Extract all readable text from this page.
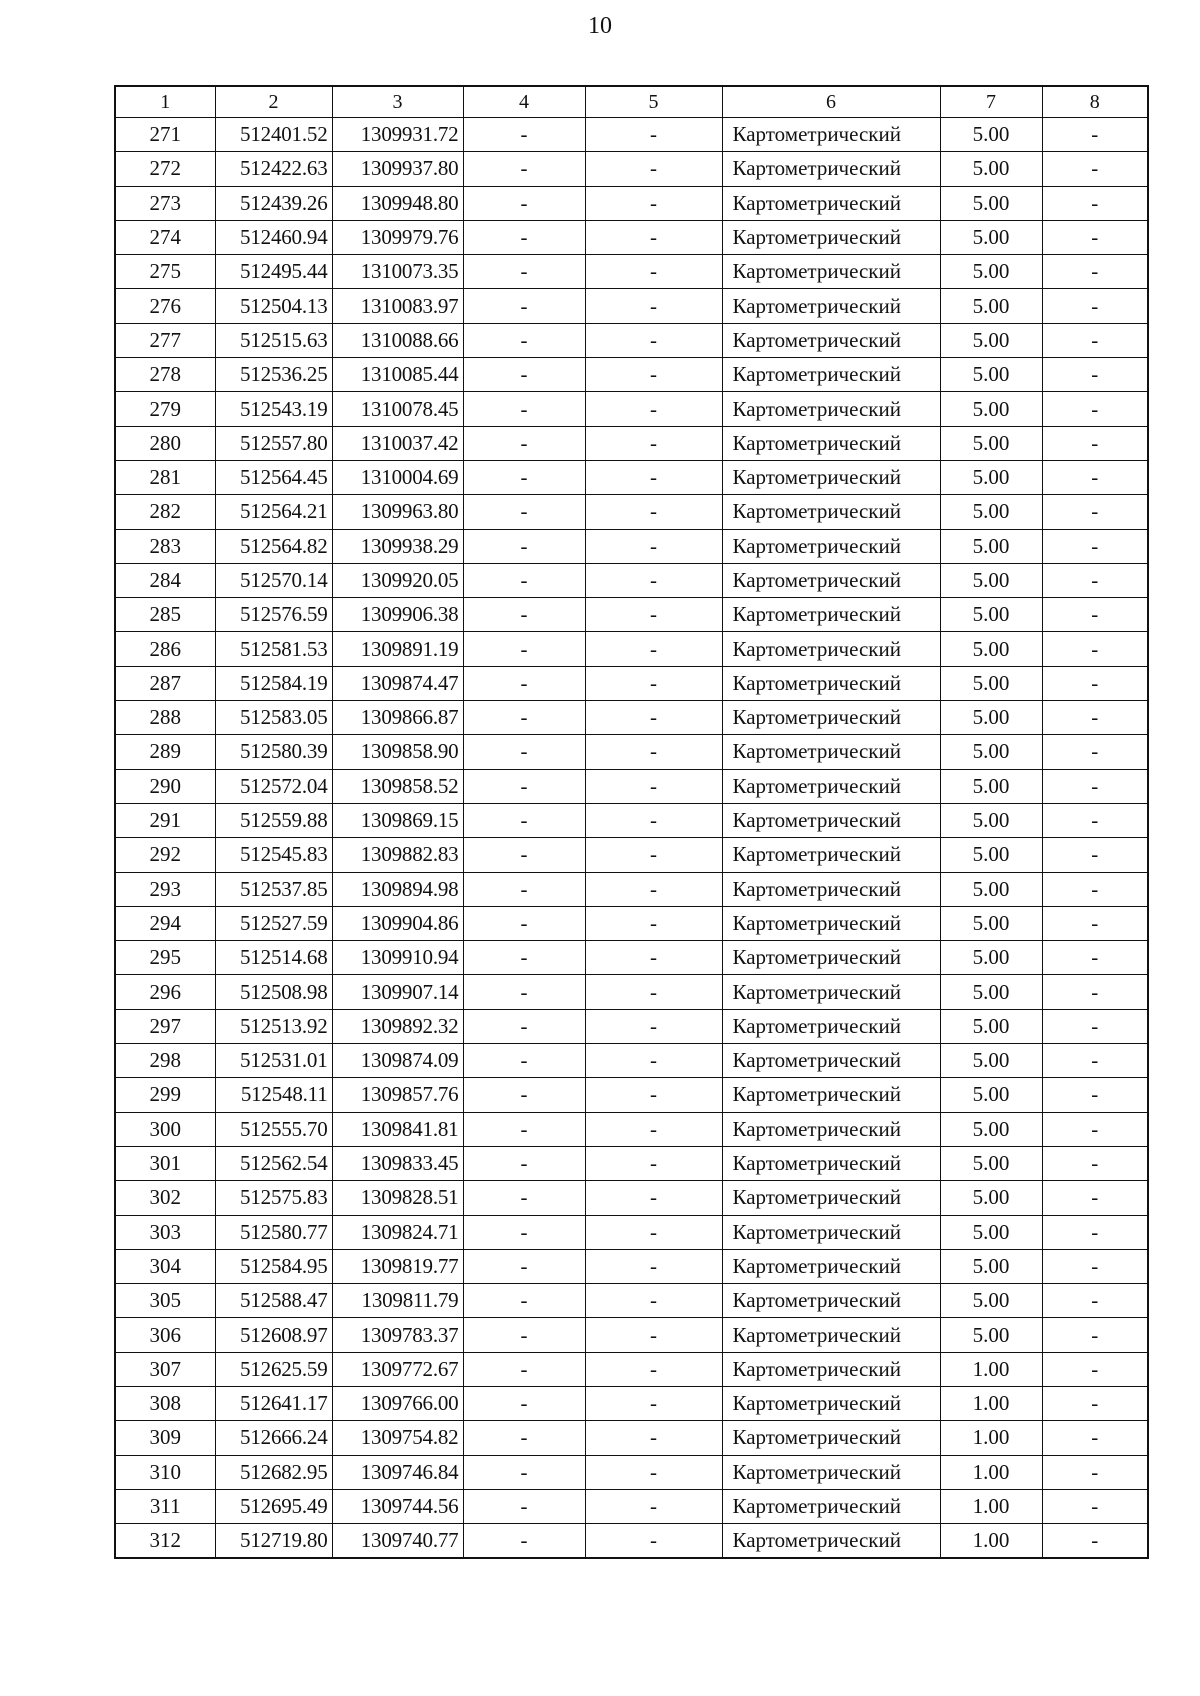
10
1	2	3	4	5	6	7	8
271	512401.52	1309931.72	-	-	Картометрический	5.00	-
272	512422.63	1309937.80	-	-	Картометрический	5.00	-
273	512439.26	1309948.80	-	-	Картометрический	5.00	-
274	512460.94	1309979.76	-	-	Картометрический	5.00	-
275	512495.44	1310073.35	-	-	Картометрический	5.00	-
276	512504.13	1310083.97	-	-	Картометрический	5.00	-
277	512515.63	1310088.66	-	-	Картометрический	5.00	-
278	512536.25	1310085.44	-	-	Картометрический	5.00	-
279	512543.19	1310078.45	-	-	Картометрический	5.00	-
280	512557.80	1310037.42	-	-	Картометрический	5.00	-
281	512564.45	1310004.69	-	-	Картометрический	5.00	-
282	512564.21	1309963.80	-	-	Картометрический	5.00	-
283	512564.82	1309938.29	-	-	Картометрический	5.00	-
284	512570.14	1309920.05	-	-	Картометрический	5.00	-
285	512576.59	1309906.38	-	-	Картометрический	5.00	-
286	512581.53	1309891.19	-	-	Картометрический	5.00	-
287	512584.19	1309874.47	-	-	Картометрический	5.00	-
288	512583.05	1309866.87	-	-	Картометрический	5.00	-
289	512580.39	1309858.90	-	-	Картометрический	5.00	-
290	512572.04	1309858.52	-	-	Картометрический	5.00	-
291	512559.88	1309869.15	-	-	Картометрический	5.00	-
292	512545.83	1309882.83	-	-	Картометрический	5.00	-
293	512537.85	1309894.98	-	-	Картометрический	5.00	-
294	512527.59	1309904.86	-	-	Картометрический	5.00	-
295	512514.68	1309910.94	-	-	Картометрический	5.00	-
296	512508.98	1309907.14	-	-	Картометрический	5.00	-
297	512513.92	1309892.32	-	-	Картометрический	5.00	-
298	512531.01	1309874.09	-	-	Картометрический	5.00	-
299	512548.11	1309857.76	-	-	Картометрический	5.00	-
300	512555.70	1309841.81	-	-	Картометрический	5.00	-
301	512562.54	1309833.45	-	-	Картометрический	5.00	-
302	512575.83	1309828.51	-	-	Картометрический	5.00	-
303	512580.77	1309824.71	-	-	Картометрический	5.00	-
304	512584.95	1309819.77	-	-	Картометрический	5.00	-
305	512588.47	1309811.79	-	-	Картометрический	5.00	-
306	512608.97	1309783.37	-	-	Картометрический	5.00	-
307	512625.59	1309772.67	-	-	Картометрический	1.00	-
308	512641.17	1309766.00	-	-	Картометрический	1.00	-
309	512666.24	1309754.82	-	-	Картометрический	1.00	-
310	512682.95	1309746.84	-	-	Картометрический	1.00	-
311	512695.49	1309744.56	-	-	Картометрический	1.00	-
312	512719.80	1309740.77	-	-	Картометрический	1.00	-
